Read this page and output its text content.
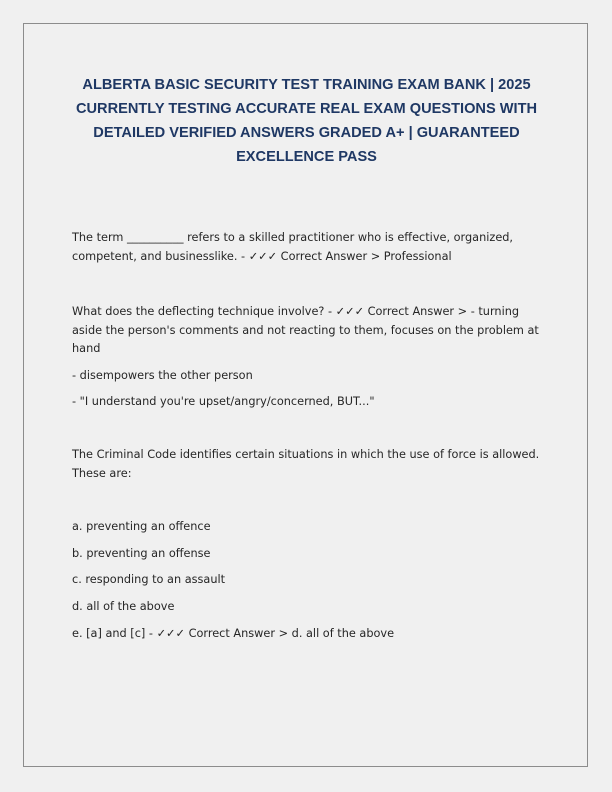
ALBERTA BASIC SECURITY TEST TRAINING EXAM BANK | 2025 CURRENTLY TESTING ACCURATE REAL EXAM QUESTIONS WITH DETAILED VERIFIED ANSWERS GRADED A+ | GUARANTEED EXCELLENCE PASS

The term __________ refers to a skilled practitioner who is effective, organized, competent, and businesslike. - ✓✓✓ Correct Answer > Professional

What does the deflecting technique involve? - ✓✓✓ Correct Answer > - turning aside the person's comments and not reacting to them, focuses on the problem at hand

- disempowers the other person

- "I understand you're upset/angry/concerned, BUT..."

The Criminal Code identifies certain situations in which the use of force is allowed. These are:

a. preventing an offence

b. preventing an offense

c. responding to an assault

d. all of the above

e. [a] and [c] - ✓✓✓ Correct Answer > d. all of the above
